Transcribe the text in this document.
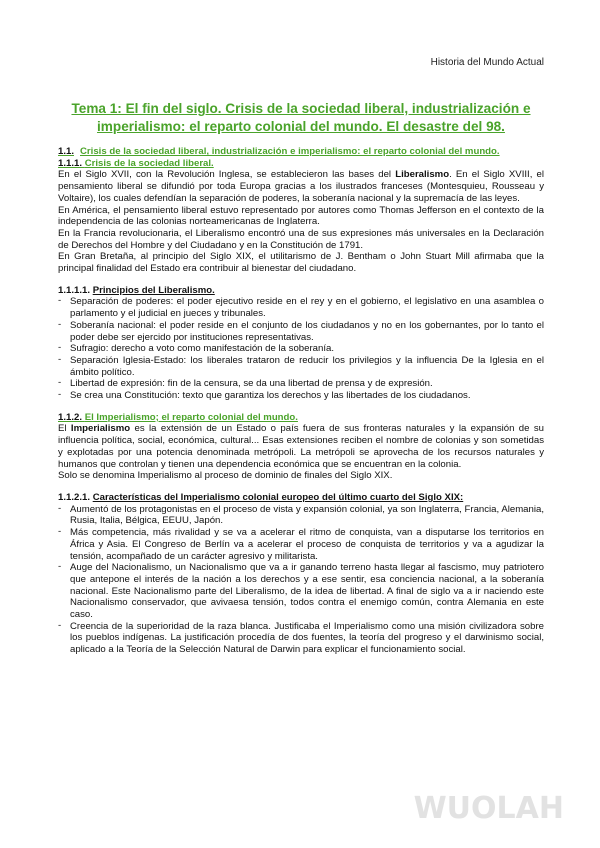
Historia del Mundo Actual
Tema 1: El fin del siglo. Crisis de la sociedad liberal, industrialización e imperialismo: el reparto colonial del mundo. El desastre del 98.
1.1. Crisis de la sociedad liberal, industrialización e imperialismo: el reparto colonial del mundo.
1.1.1. Crisis de la sociedad liberal.

En el Siglo XVII, con la Revolución Inglesa, se establecieron las bases del Liberalismo. En el Siglo XVIII, el pensamiento liberal se difundió por toda Europa gracias a los ilustrados franceses (Montesquieu, Rousseau y Voltaire), los cuales defendían la separación de poderes, la soberanía nacional y la supremacía de las leyes.

En América, el pensamiento liberal estuvo representado por autores como Thomas Jefferson en el contexto de la independencia de las colonias norteamericanas de Inglaterra.

En la Francia revolucionaria, el Liberalismo encontró una de sus expresiones más universales en la Declaración de Derechos del Hombre y del Ciudadano y en la Constitución de 1791.

En Gran Bretaña, al principio del Siglo XIX, el utilitarismo de J. Bentham o John Stuart Mill afirmaba que la principal finalidad del Estado era contribuir al bienestar del ciudadano.

1.1.1.1. Principios del Liberalismo.
- Separación de poderes: el poder ejecutivo reside en el rey y en el gobierno, el legislativo en una asamblea o parlamento y el judicial en jueces y tribunales.
- Soberanía nacional: el poder reside en el conjunto de los ciudadanos y no en los gobernantes, por lo tanto el poder debe ser ejercido por instituciones representativas.
- Sufragio: derecho a voto como manifestación de la soberanía.
- Separación Iglesia-Estado: los liberales trataron de reducir los privilegios y la influencia De la Iglesia en el ámbito político.
- Libertad de expresión: fin de la censura, se da una libertad de prensa y de expresión.
- Se crea una Constitución: texto que garantiza los derechos y las libertades de los ciudadanos.
1.1.2. El Imperialismo; el reparto colonial del mundo.

El Imperialismo es la extensión de un Estado o país fuera de sus fronteras naturales y la expansión de su influencia política, social, económica, cultural... Esas extensiones reciben el nombre de colonias y son sometidas y explotadas por una potencia denominada metrópoli. La metrópoli se aprovecha de los recursos naturales y humanos que controlan y tienen una dependencia económica que se encuentran en la colonia.

Solo se denomina Imperialismo al proceso de dominio de finales del Siglo XIX.

1.1.2.1. Características del Imperialismo colonial europeo del último cuarto del Siglo XIX:
- Aumentó de los protagonistas en el proceso de vista y expansión colonial, ya son Inglaterra, Francia, Alemania, Rusia, Italia, Bélgica, EEUU, Japón.
- Más competencia, más rivalidad y se va a acelerar el ritmo de conquista, van a disputarse los territorios en África y Asia. El Congreso de Berlín va a acelerar el proceso de conquista de territorios y va a agudizar la tensión, acompañado de un carácter agresivo y militarista.
- Auge del Nacionalismo, un Nacionalismo que va a ir ganando terreno hasta llegar al fascismo, muy patriotero que antepone el interés de la nación a los derechos y a ese sentir, esa conciencia nacional, a la soberanía nacional. Este Nacionalismo parte del Liberalismo, de la idea de libertad. A final de siglo va a ir naciendo este Nacionalismo conservador, que avivaesa tensión, todos contra el enemigo común, contra Alemania en este caso.
- Creencia de la superioridad de la raza blanca. Justificaba el Imperialismo como una misión civilizadora sobre los pueblos indígenas. La justificación procedía de dos fuentes, la teoría del progreso y el darwinismo social, aplicado a la Teoría de la Selección Natural de Darwin para explicar el funcionamiento social.
WUOLAH
